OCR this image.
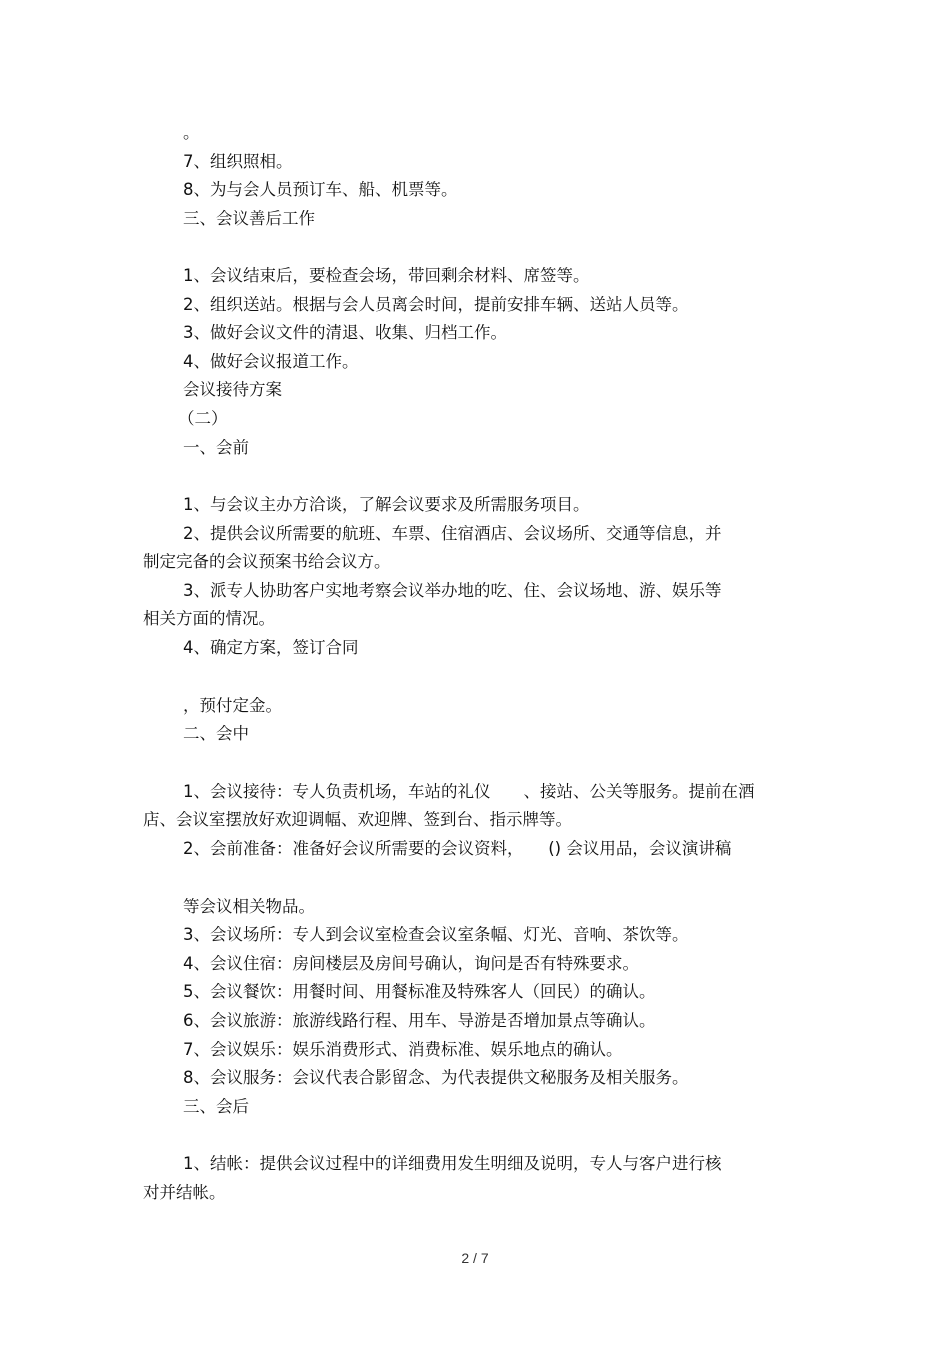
。
7、组织照相。
8、为与会人员预订车、船、机票等。
三、会议善后工作
1、会议结束后，要检查会场，带回剩余材料、席签等。
2、组织送站。根据与会人员离会时间，提前安排车辆、送站人员等。
3、做好会议文件的清退、收集、归档工作。
4、做好会议报道工作。
会议接待方案
（二）
一、会前
1、与会议主办方洽谈，了解会议要求及所需服务项目。
2、提供会议所需要的航班、车票、住宿酒店、会议场所、交通等信息，并
制定完备的会议预案书给会议方。
3、派专人协助客户实地考察会议举办地的吃、住、会议场地、游、娱乐等
相关方面的情况。
4、确定方案，签订合同
，预付定金。
二、会中
1、会议接待：专人负责机场，车站的礼仪　　、接站、公关等服务。提前在酒
店、会议室摆放好欢迎调幅、欢迎牌、签到台、指示牌等。
2、会前准备：准备好会议所需要的会议资料，　　() 会议用品，会议演讲稿
等会议相关物品。
3、会议场所：专人到会议室检查会议室条幅、灯光、音响、茶饮等。
4、会议住宿：房间楼层及房间号确认，询问是否有特殊要求。
5、会议餐饮：用餐时间、用餐标准及特殊客人（回民）的确认。
6、会议旅游：旅游线路行程、用车、导游是否增加景点等确认。
7、会议娱乐：娱乐消费形式、消费标准、娱乐地点的确认。
8、会议服务：会议代表合影留念、为代表提供文秘服务及相关服务。
三、会后
1、结帐：提供会议过程中的详细费用发生明细及说明，专人与客户进行核
对并结帐。
2 / 7
